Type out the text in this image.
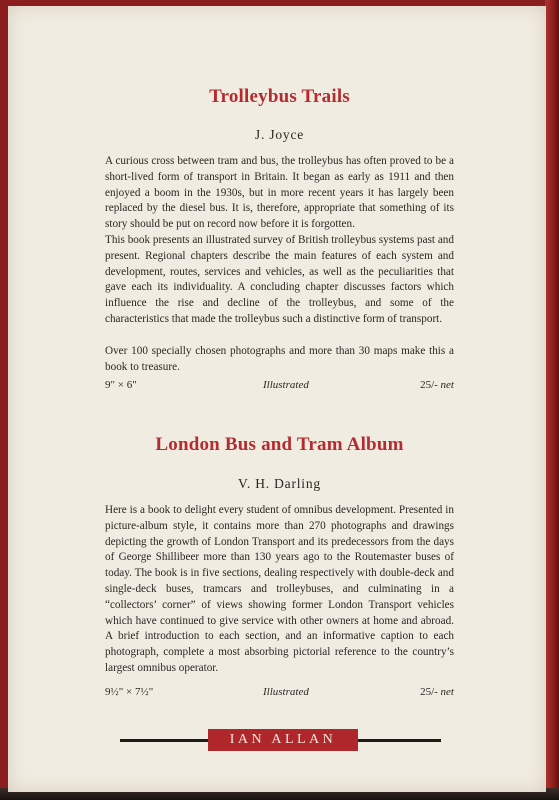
Trolleybus Trails
J. Joyce

A curious cross between tram and bus, the trolleybus has often proved to be a short-lived form of transport in Britain. It began as early as 1911 and then enjoyed a boom in the 1930s, but in more recent years it has largely been replaced by the diesel bus. It is, therefore, appropriate that something of its story should be put on record now before it is forgotten.

This book presents an illustrated survey of British trolleybus systems past and present. Regional chapters describe the main features of each system and development, routes, services and vehicles, as well as the peculiarities that gave each its individuality. A concluding chapter discusses factors which influence the rise and decline of the trolleybus, and some of the characteristics that made the trolleybus such a distinctive form of transport.

Over 100 specially chosen photographs and more than 30 maps make this a book to treasure.

9" × 6"	Illustrated	25/- net
London Bus and Tram Album
V. H. Darling

Here is a book to delight every student of omnibus development. Presented in picture-album style, it contains more than 270 photographs and drawings depicting the growth of London Transport and its predecessors from the days of George Shillibeer more than 130 years ago to the Routemaster buses of today. The book is in five sections, dealing respectively with double-deck and single-deck buses, tramcars and trolleybuses, and culminating in a “collectors’ corner” of views showing former London Transport vehicles which have continued to give service with other owners at home and abroad. A brief introduction to each section, and an informative caption to each photograph, complete a most absorbing pictorial reference to the country’s largest omnibus operator.

9½" × 7½"	Illustrated	25/- net
IAN ALLAN
